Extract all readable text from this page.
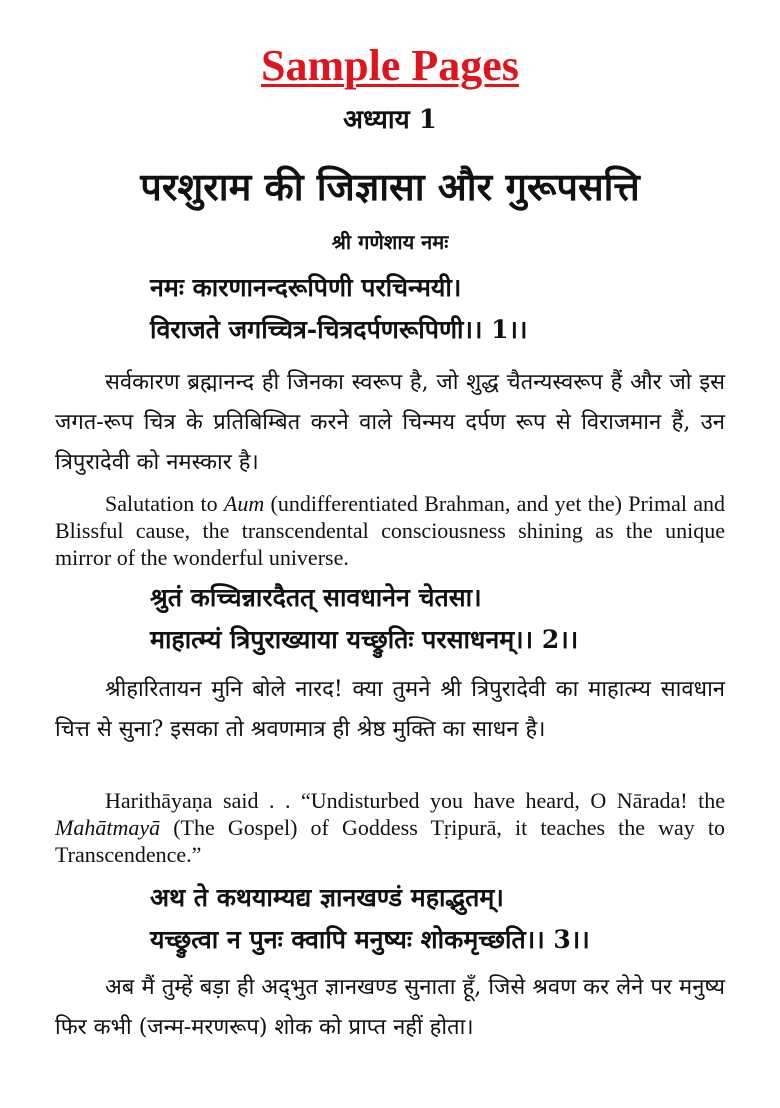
Sample Pages
अध्याय 1
परशुराम की जिज्ञासा और गुरूपसत्ति
श्री गणेशाय नमः
नमः कारणानन्दरूपिणी परचिन्मयी।
विराजते जगच्चित्र-चित्रदर्पणरूपिणी।। 1।।

सर्वकारण ब्रह्मानन्द ही जिनका स्वरूप है, जो शुद्ध चैतन्यस्वरूप हैं और जो इस जगत-रूप चित्र के प्रतिबिम्बित करने वाले चिन्मय दर्पण रूप से विराजमान हैं, उन त्रिपुरादेवी को नमस्कार है।

Salutation to Aum (undifferentiated Brahman, and yet the) Primal and Blissful cause, the transcendental consciousness shining as the unique mirror of the wonderful universe.

श्रुतं कच्चिन्नारदैतत् सावधानेन चेतसा।
माहात्म्यं त्रिपुराख्याया यच्छ्रुतिः परसाधनम्।। 2।।

श्रीहारितायन मुनि बोले नारद! क्या तुमने श्री त्रिपुरादेवी का माहात्म्य सावधान चित्त से सुना? इसका तो श्रवणमात्र ही श्रेष्ठ मुक्ति का साधन है।

Harithāyaṇa said . . “Undisturbed you have heard, O Nārada! the Mahātmayā (The Gospel) of Goddess Tṛipurā, it teaches the way to Transcendence.”

अथ ते कथयाम्यद्य ज्ञानखण्डं महाद्भुतम्।
यच्छ्रुत्वा न पुनः क्वापि मनुष्यः शोकमृच्छति।। 3।।

अब मैं तुम्हें बड़ा ही अद्‌भुत ज्ञानखण्ड सुनाता हूँ, जिसे श्रवण कर लेने पर मनुष्य फिर कभी (जन्म-मरणरूप) शोक को प्राप्त नहीं होता।
